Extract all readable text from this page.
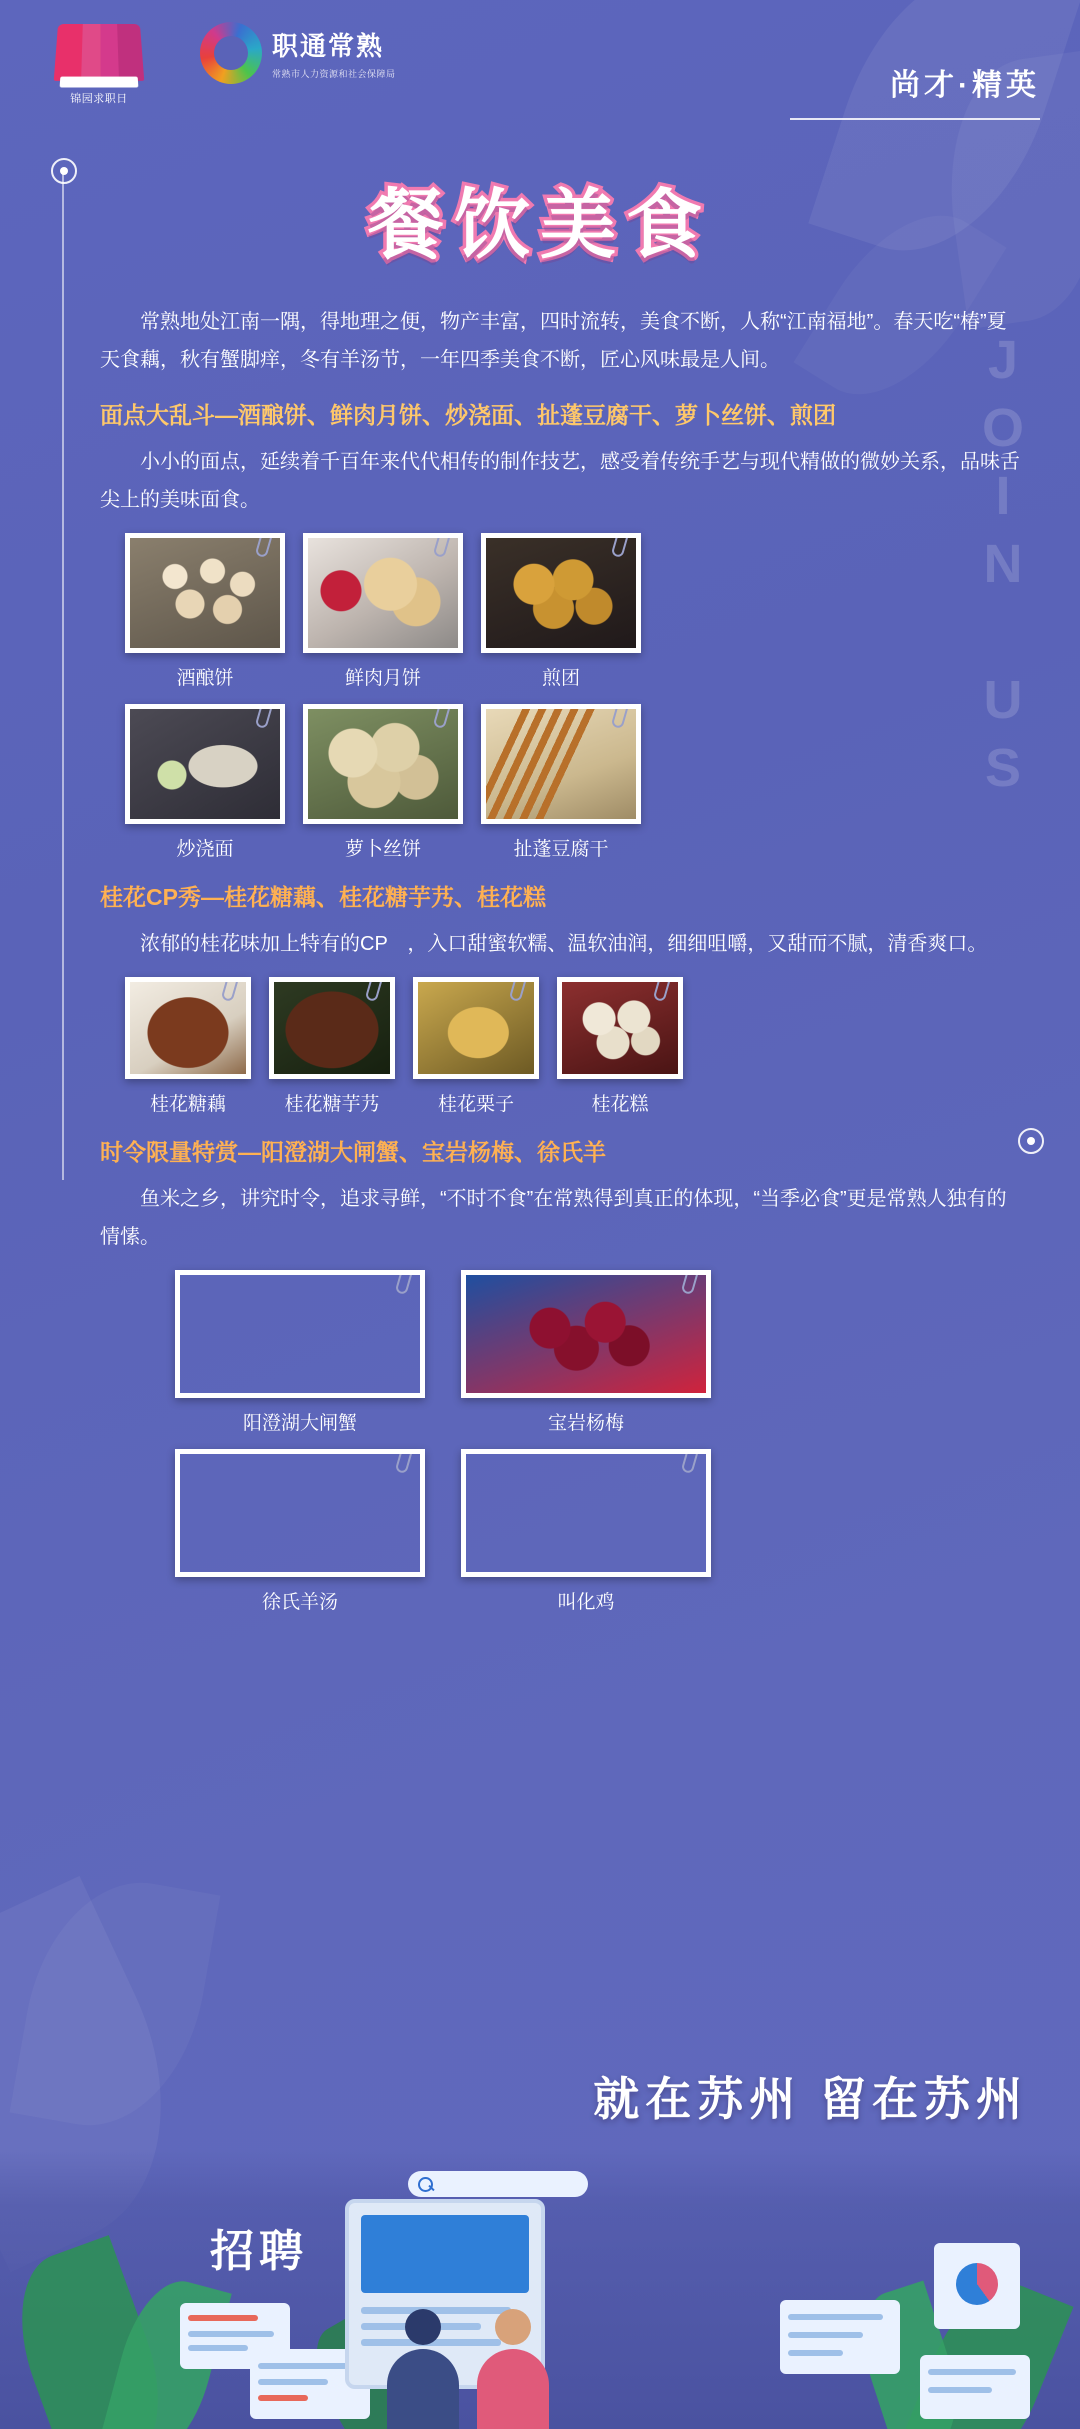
锦园求职日
职通常熟
常熟市人力资源和社会保障局	尚才·精英
餐饮美食
JOIN US

常熟地处江南一隅，得地理之便，物产丰富，四时流转，美食不断，人称“江南福地”。春天吃“椿”夏天食藕，秋有蟹脚痒，冬有羊汤节，一年四季美食不断，匠心风味最是人间。

面点大乱斗—酒酿饼、鲜肉月饼、炒浇面、扯蓬豆腐干、萝卜丝饼、煎团

小小的面点，延续着千百年来代代相传的制作技艺，感受着传统手艺与现代精做的微妙关系，品味舌尖上的美味面食。

酒酿饼	鲜肉月饼	煎团
炒浇面	萝卜丝饼	扯蓬豆腐干
桂花CP秀—桂花糖藕、桂花糖芋艿、桂花糕

浓郁的桂花味加上特有的CP　，入口甜蜜软糯、温软油润，细细咀嚼，又甜而不腻，清香爽口。

桂花糖藕	桂花糖芋艿	桂花栗子	桂花糕
时令限量特赏—阳澄湖大闸蟹、宝岩杨梅、徐氏羊

鱼米之乡，讲究时令，追求寻鲜，“不时不食”在常熟得到真正的体现，“当季必食”更是常熟人独有的情愫。

阳澄湖大闸蟹	宝岩杨梅
徐氏羊汤	叫化鸡
就在苏州 留在苏州
招聘
